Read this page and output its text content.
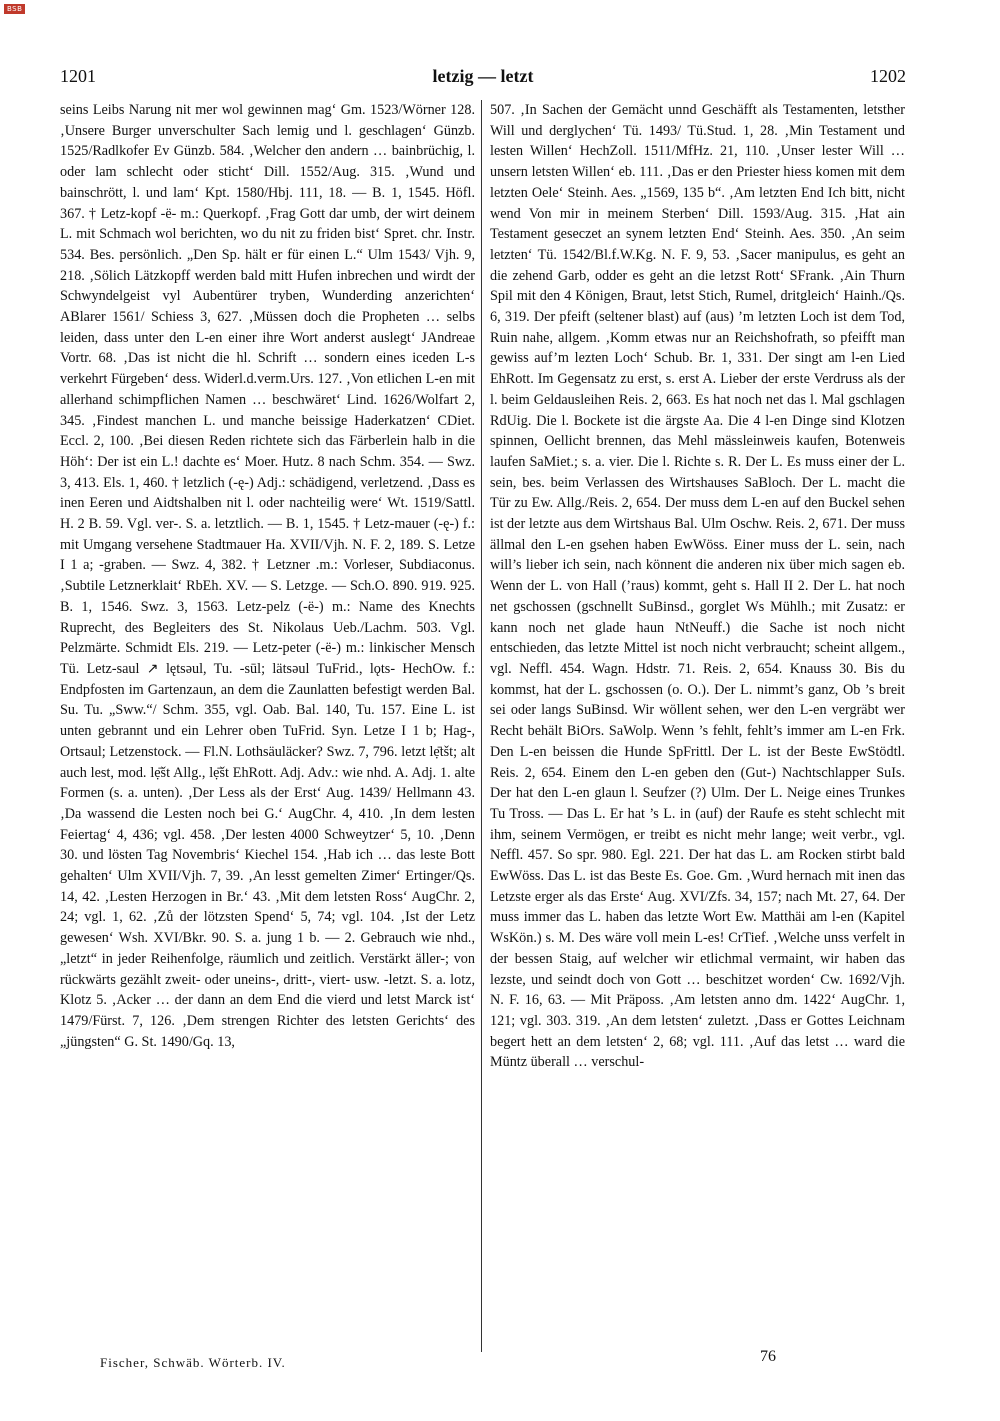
BSB
1201	letzig — letzt	1202

seins Leibs Narung nit mer wol gewinnen mag‘ Gm. 1523/Wörner 128. ‚Unsere Burger unverschulter Sach lemig und l. geschlagen‘ Günzb. 1525/Radlkofer Ev Günzb. 584. ‚Welcher den andern … bainbrüchig, l. oder lam schlecht oder sticht‘ Dill. 1552/Aug. 315. ‚Wund und bainschrött, l. und lam‘ Kpt. 1580/Hbj. 111, 18. — B. 1, 1545. Höfl. 367. † Letz-kopf -ë- m.: Querkopf. ‚Frag Gott dar umb, der wirt deinem L. mit Schmach wol berichten, wo du nit zu friden bist‘ Spret. chr. Instr. 534. Bes. persönlich. „Den Sp. hält er für einen L.“ Ulm 1543/ Vjh. 9, 218. ‚Sölich Lätzkopff werden bald mitt Hufen inbrechen und wirdt der Schwyndelgeist vyl Aubentürer tryben, Wunderding anzerichten‘ ABlarer 1561/ Schiess 3, 627. ‚Müssen doch die Propheten … selbs leiden, dass unter den L-en einer ihre Wort anderst auslegt‘ JAndreae Vortr. 68. ‚Das ist nicht die hl. Schrift … sondern eines iceden L-s verkehrt Fürgeben‘ dess. Widerl.d.verm.Urs. 127. ‚Von etlichen L-en mit allerhand schimpflichen Namen … beschwäret‘ Lind. 1626/Wolfart 2, 345. ‚Findest manchen L. und manche beissige Haderkatzen‘ CDiet. Eccl. 2, 100. ‚Bei diesen Reden richtete sich das Färberlein halb in die Höh‘: Der ist ein L.! dachte es‘ Moer. Hutz. 8 nach Schm. 354. — Swz. 3, 413. Els. 1, 460. † letzlich (-ę-) Adj.: schädigend, verletzend. ‚Dass es inen Eeren und Aidtshalben nit l. oder nachteilig were‘ Wt. 1519/Sattl. H. 2 B. 59. Vgl. ver-. S. a. letztlich. — B. 1, 1545. † Letz-mauer (-ę-) f.: mit Umgang versehene Stadtmauer Ha. XVII/Vjh. N. F. 2, 189. S. Letze I 1 a; -graben. — Swz. 4, 382. † Letzner .m.: Vorleser, Subdiaconus. ‚Subtile Letznerklait‘ RbEh. XV. — S. Letzge. — Sch.O. 890. 919. 925. B. 1, 1546. Swz. 3, 1563. Letz-pelz (-ë-) m.: Name des Knechts Ruprecht, des Begleiters des St. Nikolaus Ueb./Lachm. 503. Vgl. Pelzmärte. Schmidt Els. 219. — Letz-peter (-ë-) m.: linkischer Mensch Tü. Letz-saul ↗ lętsəul, Tu. -sūl; lätsəul TuFrid., lǫts- HechOw. f.: Endpfosten im Gartenzaun, an dem die Zaunlatten befestigt werden Bal. Su. Tu. „Sww.“/ Schm. 355, vgl. Oab. Bal. 140, Tu. 157. Eine L. ist unten gebrannt und ein Lehrer oben TuFrid. Syn. Letze I 1 b; Hag-, Ortsaul; Letzenstock. — Fl.N. Lothsäuläcker? Swz. 7, 796. letzt lẹ̄tšt; alt auch lest, mod. lẹ̄št Allg., lẹ̄št EhRott. Adj. Adv.: wie nhd. A. Adj. 1. alte Formen (s. a. unten). ‚Der Less als der Erst‘ Aug. 1439/ Hellmann 43. ‚Da wassend die Lesten noch bei G.‘ AugChr. 4, 410. ‚In dem lesten Feiertag‘ 4, 436; vgl. 458. ‚Der lesten 4000 Schweytzer‘ 5, 10. ‚Denn 30. und lösten Tag Novembris‘ Kiechel 154. ‚Hab ich … das leste Bott gehalten‘ Ulm XVII/Vjh. 7, 39. ‚An lesst gemelten Zimer‘ Ertinger/Qs. 14, 42. ‚Lesten Herzogen in Br.‘ 43. ‚Mit dem letsten Ross‘ AugChr. 2, 24; vgl. 1, 62. ‚Zů der lötzsten Spend‘ 5, 74; vgl. 104. ‚Ist der Letz gewesen‘ Wsh. XVI/Bkr. 90. S. a. jung 1 b. — 2. Gebrauch wie nhd., „letzt“ in jeder Reihenfolge, räumlich und zeitlich. Verstärkt äller-; von rückwärts gezählt zweit- oder uneins-, dritt-, viert- usw. -letzt. S. a. lotz, Klotz 5. ‚Acker … der dann an dem End die vierd und letst Marck ist‘ 1479/Fürst. 7, 126. ‚Dem strengen Richter des letsten Gerichts‘ des „jüngsten“ G. St. 1490/Gq. 13,

507. ‚In Sachen der Gemächt unnd Geschäfft als Testamenten, letsther Will und derglychen‘ Tü. 1493/ Tü.Stud. 1, 28. ‚Min Testament und lesten Willen‘ HechZoll. 1511/MfHz. 21, 110. ‚Unser lester Will … unsern letsten Willen‘ eb. 111. ‚Das er den Priester hiess komen mit dem letzten Oele‘ Steinh. Aes. „1569, 135 b“. ‚Am letzten End Ich bitt, nicht wend Von mir in meinem Sterben‘ Dill. 1593/Aug. 315. ‚Hat ain Testament geseczet an synem letzten End‘ Steinh. Aes. 350. ‚An seim letzten‘ Tü. 1542/Bl.f.W.Kg. N. F. 9, 53. ‚Sacer manipulus, es geht an die zehend Garb, odder es geht an die letzst Rott‘ SFrank. ‚Ain Thurn Spil mit den 4 Königen, Braut, letst Stich, Rumel, dritgleich‘ Hainh./Qs. 6, 319. Der pfeift (seltener blast) auf (aus) ’m letzten Loch ist dem Tod, Ruin nahe, allgem. ‚Komm etwas nur an Reichshofrath, so pfeifft man gewiss auf’m lezten Loch‘ Schub. Br. 1, 331. Der singt am l-en Lied EhRott. Im Gegensatz zu erst, s. erst A. Lieber der erste Verdruss als der l. beim Geldausleihen Reis. 2, 663. Es hat noch net das l. Mal gschlagen RdUig. Die l. Bockete ist die ärgste Aa. Die 4 l-en Dinge sind Klotzen spinnen, Oellicht brennen, das Mehl mässleinweis kaufen, Botenweis laufen SaMiet.; s. a. vier. Die l. Richte s. R. Der L. Es muss einer der L. sein, bes. beim Verlassen des Wirtshauses SaBloch. Der L. macht die Tür zu Ew. Allg./Reis. 2, 654. Der muss dem L-en auf den Buckel sehen ist der letzte aus dem Wirtshaus Bal. Ulm Oschw. Reis. 2, 671. Der muss ällmal den L-en gsehen haben EwWöss. Einer muss der L. sein, nach will’s lieber ich sein, nach könnent die anderen nix über mich sagen eb. Wenn der L. von Hall (’raus) kommt, geht s. Hall II 2. Der L. hat noch net gschossen (gschnellt SuBinsd., gorglet Ws Mühlh.; mit Zusatz: er kann noch net glade haun NtNeuff.) die Sache ist noch nicht entschieden, das letzte Mittel ist noch nicht verbraucht; scheint allgem., vgl. Neffl. 454. Wagn. Hdstr. 71. Reis. 2, 654. Knauss 30. Bis du kommst, hat der L. gschossen (o. O.). Der L. nimmt’s ganz, Ob ’s breit sei oder langs SuBinsd. Wir wöllent sehen, wer den L-en vergräbt wer Recht behält BiOrs. SaWolp. Wenn ’s fehlt, fehlt’s immer am L-en Frk. Den L-en beissen die Hunde SpFrittl. Der L. ist der Beste EwStödtl. Reis. 2, 654. Einem den L-en geben den (Gut-) Nachtschlapper SuIs. Der hat den L-en glaun l. Seufzer (?) Ulm. Der L. Neige eines Trunkes Tu Tross. — Das L. Er hat ’s L. in (auf) der Raufe es steht schlecht mit ihm, seinem Vermögen, er treibt es nicht mehr lange; weit verbr., vgl. Neffl. 457. So spr. 980. Egl. 221. Der hat das L. am Rocken stirbt bald EwWöss. Das L. ist das Beste Es. Goe. Gm. ‚Wurd hernach mit inen das Letzste erger als das Erste‘ Aug. XVI/Zfs. 34, 157; nach Mt. 27, 64. Der muss immer das L. haben das letzte Wort Ew. Matthäi am l-en (Kapitel WsKön.) s. M. Des wäre voll mein L-es! CrTief. ‚Welche unss verfelt in der bessen Staig, auf welcher wir etlichmal vermaint, wir haben das lezste, und seindt doch von Gott … beschitzet worden‘ Cw. 1692/Vjh. N. F. 16, 63. — Mit Präposs. ‚Am letsten anno dm. 1422‘ AugChr. 1, 121; vgl. 303. 319. ‚An dem letsten‘ zuletzt. ‚Dass er Gottes Leichnam begert hett an dem letsten‘ 2, 68; vgl. 111. ‚Auf das letst … ward die Müntz überall … verschul-

Fischer, Schwäb. Wörterb. IV.	76
